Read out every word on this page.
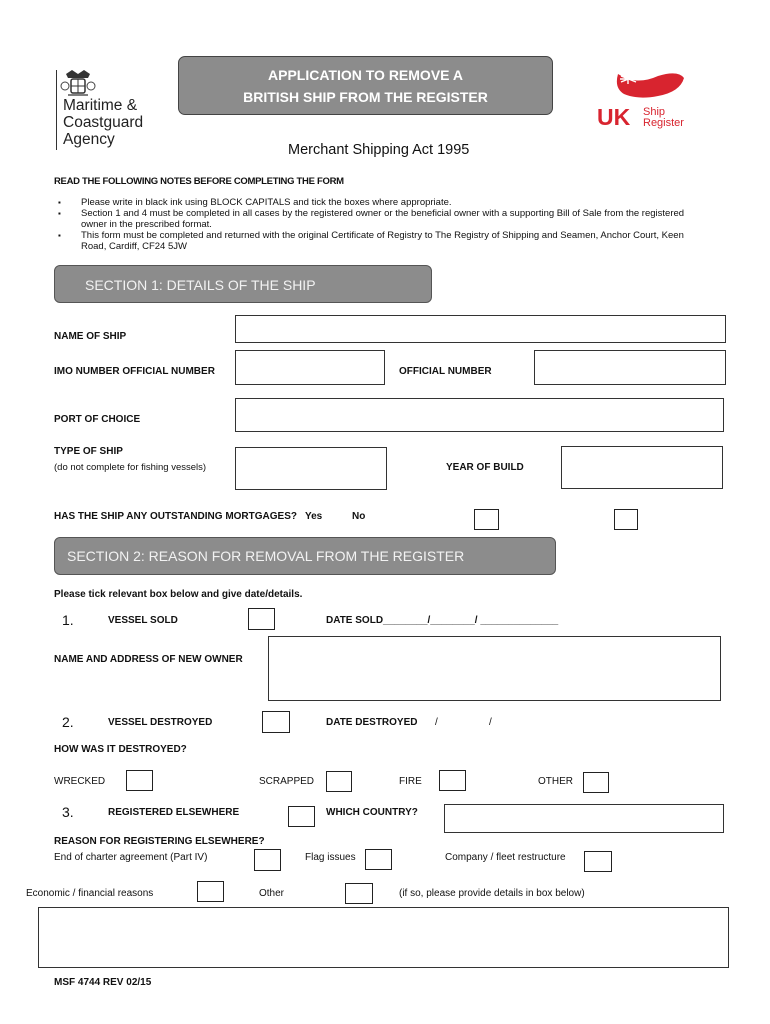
Maritime &
Coastguard
Agency
APPLICATION TO REMOVE A
BRITISH SHIP FROM THE REGISTER
UK Ship
Register
Merchant Shipping Act 1995
READ THE FOLLOWING NOTES BEFORE COMPLETING THE FORM
▪ Please write in black ink using BLOCK CAPITALS and tick the boxes where appropriate.
▪ Section 1 and 4 must be completed in all cases by the registered owner or the beneficial owner with a supporting Bill of Sale from the registered owner in the prescribed format.
▪ This form must be completed and returned with the original Certificate of Registry to The Registry of Shipping and Seamen, Anchor Court, Keen Road, Cardiff, CF24 5JW
SECTION 1: DETAILS OF THE SHIP
NAME OF SHIP
IMO NUMBER OFFICIAL NUMBER	OFFICIAL NUMBER
PORT OF CHOICE
TYPE OF SHIP
(do not complete for fishing vessels)	YEAR OF BUILD
HAS THE SHIP ANY OUTSTANDING MORTGAGES? Yes	No
SECTION 2: REASON FOR REMOVAL FROM THE REGISTER
Please tick relevant box below and give date/details.
1.	VESSEL SOLD	DATE SOLD________/________/ ______________
NAME AND ADDRESS OF NEW OWNER
2.	VESSEL DESTROYED	DATE DESTROYED /	/
HOW WAS IT DESTROYED?
WRECKED	SCRAPPED	FIRE	OTHER
3.	REGISTERED ELSEWHERE	WHICH COUNTRY?
REASON FOR REGISTERING ELSEWHERE?
End of charter agreement (Part IV)	Flag issues	Company / fleet restructure
Economic / financial reasons	Other	(if so, please provide details in box below)
MSF 4744 REV 02/15
